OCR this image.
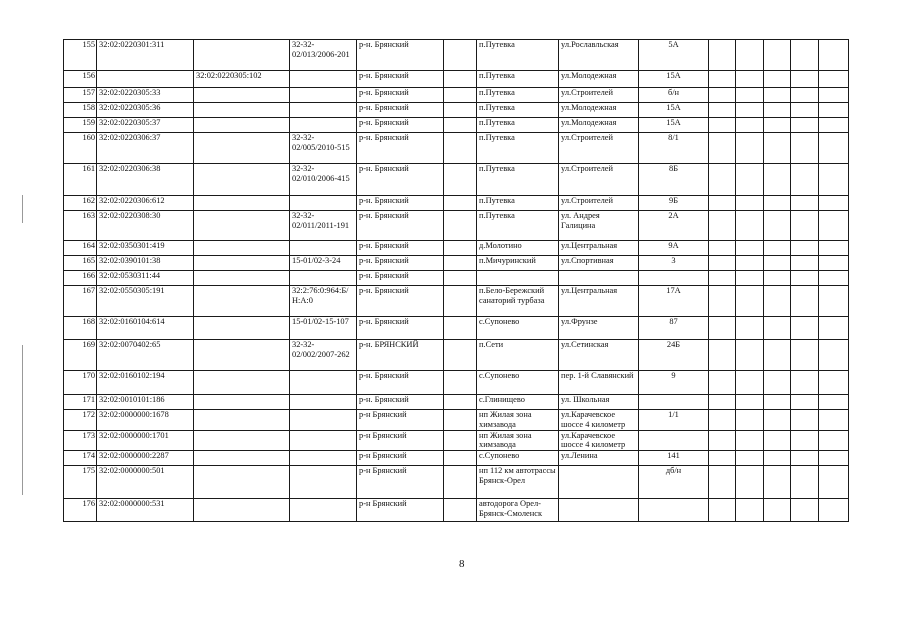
155	32:02:0220301:311		32-32-02/013/2006-201	р-н. Брянский		п.Путевка	ул.Рославльская	5А					
156		32:02:0220305:102		р-н. Брянский		п.Путевка	ул.Молодежная	15А					
157	32:02:0220305:33			р-н. Брянский		п.Путевка	ул.Строителей	б/н					
158	32:02:0220305:36			р-н. Брянский		п.Путевка	ул.Молодежная	15А					
159	32:02:0220305:37			р-н. Брянский		п.Путевка	ул.Молодежная	15А					
160	32:02:0220306:37		32-32-02/005/2010-515	р-н. Брянский		п.Путевка	ул.Строителей	8/1					
161	32:02:0220306:38		32-32-02/010/2006-415	р-н. Брянский		п.Путевка	ул.Строителей	8Б					
162	32:02:0220306:612			р-н. Брянский		п.Путевка	ул.Строителей	9Б					
163	32:02:0220308:30		32-32-02/011/2011-191	р-н. Брянский		п.Путевка	ул. Андрея Галицина	2А					
164	32:02:0350301:419			р-н. Брянский		д.Молотино	ул.Центральная	9А					
165	32:02:0390101:38		15-01/02-3-24	р-н. Брянский		п.Мичуринский	ул.Спортивная	3					
166	32:02:0530311:44			р-н. Брянский									
167	32:02:0550305:191		32:2:76:0:964:Б/Н:А:0	р-н. Брянский		п.Бело-Бережский санаторий турбаза	ул.Центральная	17А					
168	32:02:0160104:614		15-01/02-15-107	р-н. Брянский		с.Супонево	ул.Фрунзе	87					
169	32:02:0070402:65		32-32-02/002/2007-262	р-н. БРЯНСКИЙ		п.Сети	ул.Сетинская	24Б					
170	32:02:0160102:194			р-н. Брянский		с.Супонево	пер. 1-й Славянский	9					
171	32:02:0010101:186			р-н. Брянский		с.Глинищево	ул. Школьная						
172	32:02:0000000:1678			р-н Брянский		нп Жилая зона химзавода	ул.Карачевское шоссе 4 километр	1/1					
173	32:02:0000000:1701			р-н Брянский		нп Жилая зона химзавода	ул.Карачевское шоссе 4 километр						
174	32:02:0000000:2287			р-н Брянский		с.Супонево	ул.Ленина	141					
175	32:02:0000000:501			р-н Брянский		нп 112 км автотрассы Брянск-Орел		дб/н					
176	32:02:0000000:531			р-н Брянский		автодорога Орел-Брянск-Смоленск							
8
